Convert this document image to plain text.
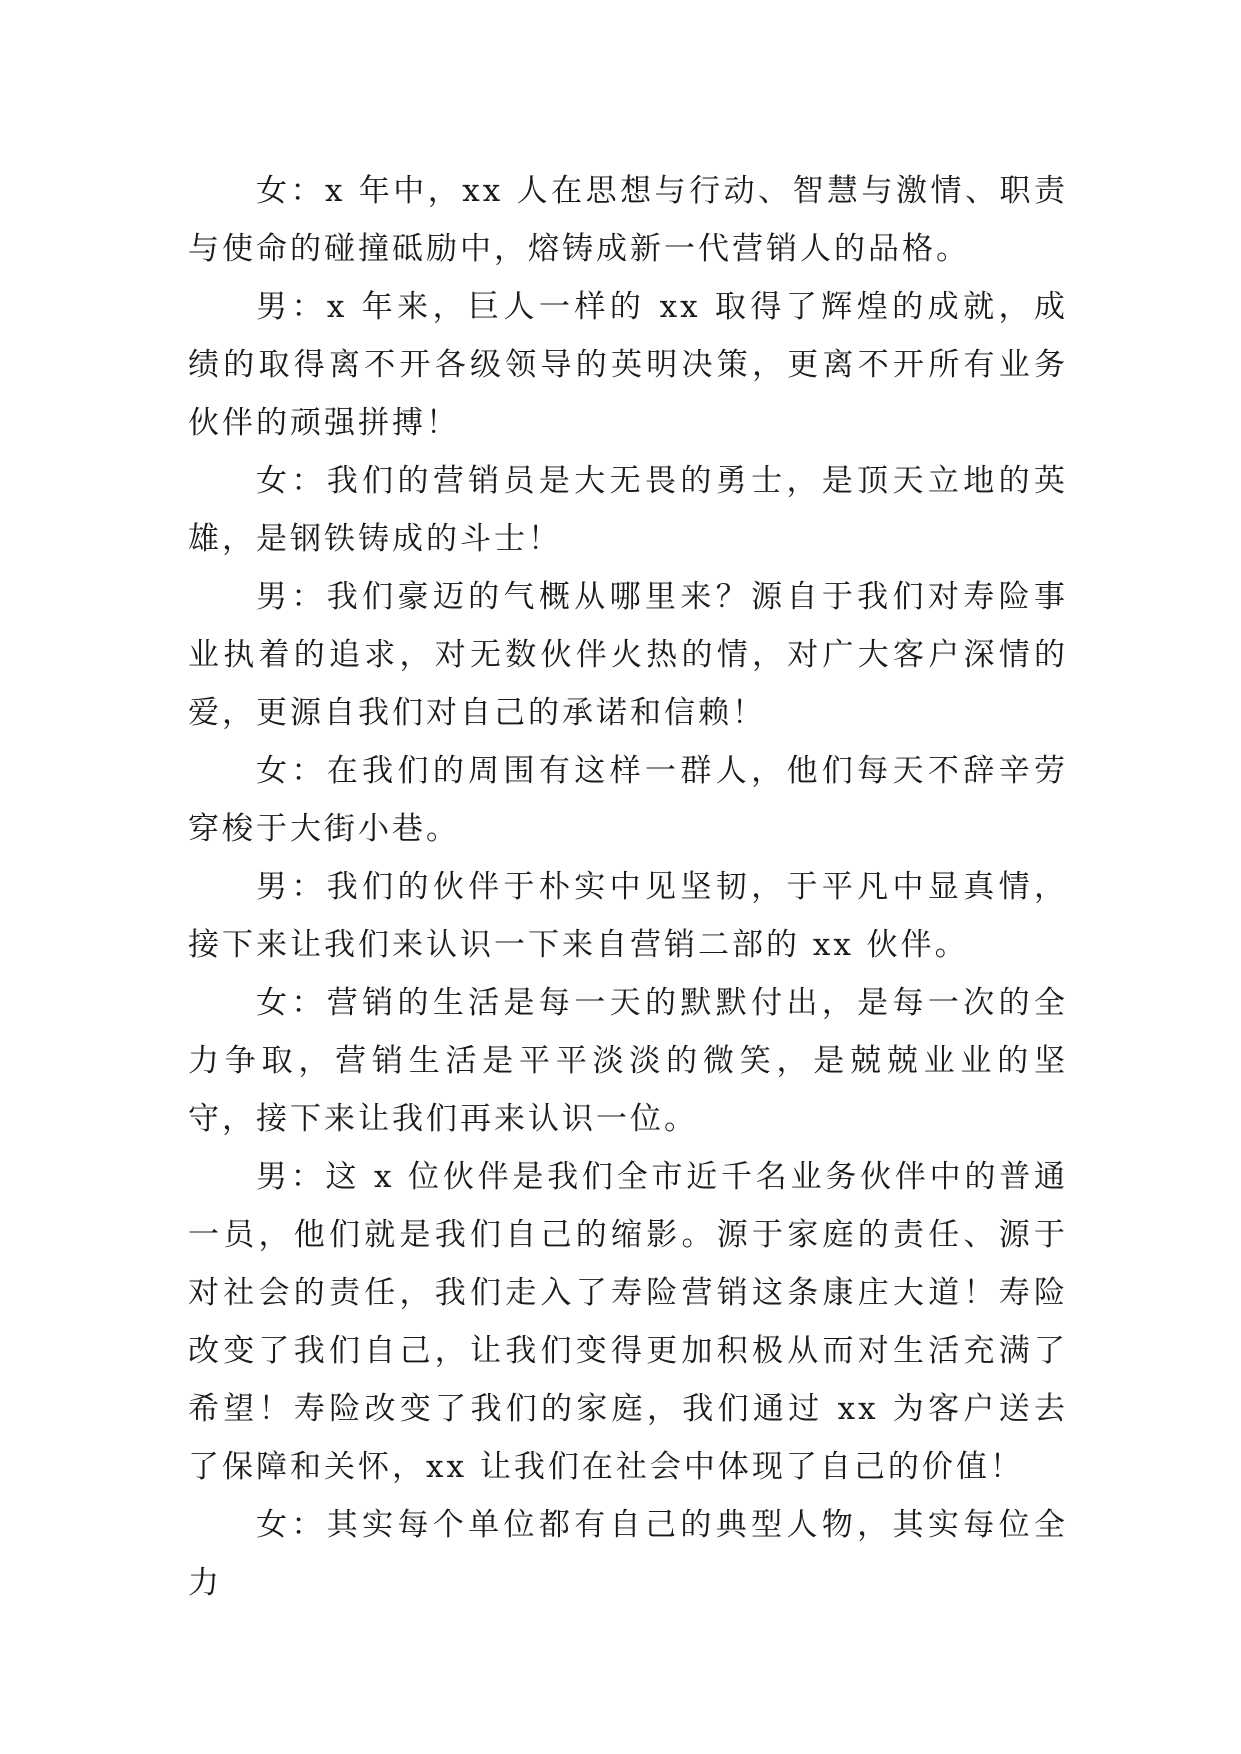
女：x 年中，xx 人在思想与行动、智慧与激情、职责与使命的碰撞砥励中，熔铸成新一代营销人的品格。

男：x 年来，巨人一样的 xx 取得了辉煌的成就，成绩的取得离不开各级领导的英明决策，更离不开所有业务伙伴的顽强拼搏！

女：我们的营销员是大无畏的勇士，是顶天立地的英雄，是钢铁铸成的斗士！

男：我们豪迈的气概从哪里来？源自于我们对寿险事业执着的追求，对无数伙伴火热的情，对广大客户深情的爱，更源自我们对自己的承诺和信赖！

女：在我们的周围有这样一群人，他们每天不辞辛劳穿梭于大街小巷。

男：我们的伙伴于朴实中见坚韧，于平凡中显真情，接下来让我们来认识一下来自营销二部的 xx 伙伴。

女：营销的生活是每一天的默默付出，是每一次的全力争取，营销生活是平平淡淡的微笑，是兢兢业业的坚守，接下来让我们再来认识一位。

男：这 x 位伙伴是我们全市近千名业务伙伴中的普通一员，他们就是我们自己的缩影。源于家庭的责任、源于对社会的责任，我们走入了寿险营销这条康庄大道！寿险改变了我们自己，让我们变得更加积极从而对生活充满了希望！寿险改变了我们的家庭，我们通过 xx 为客户送去了保障和关怀，xx 让我们在社会中体现了自己的价值！

女：其实每个单位都有自己的典型人物，其实每位全力
